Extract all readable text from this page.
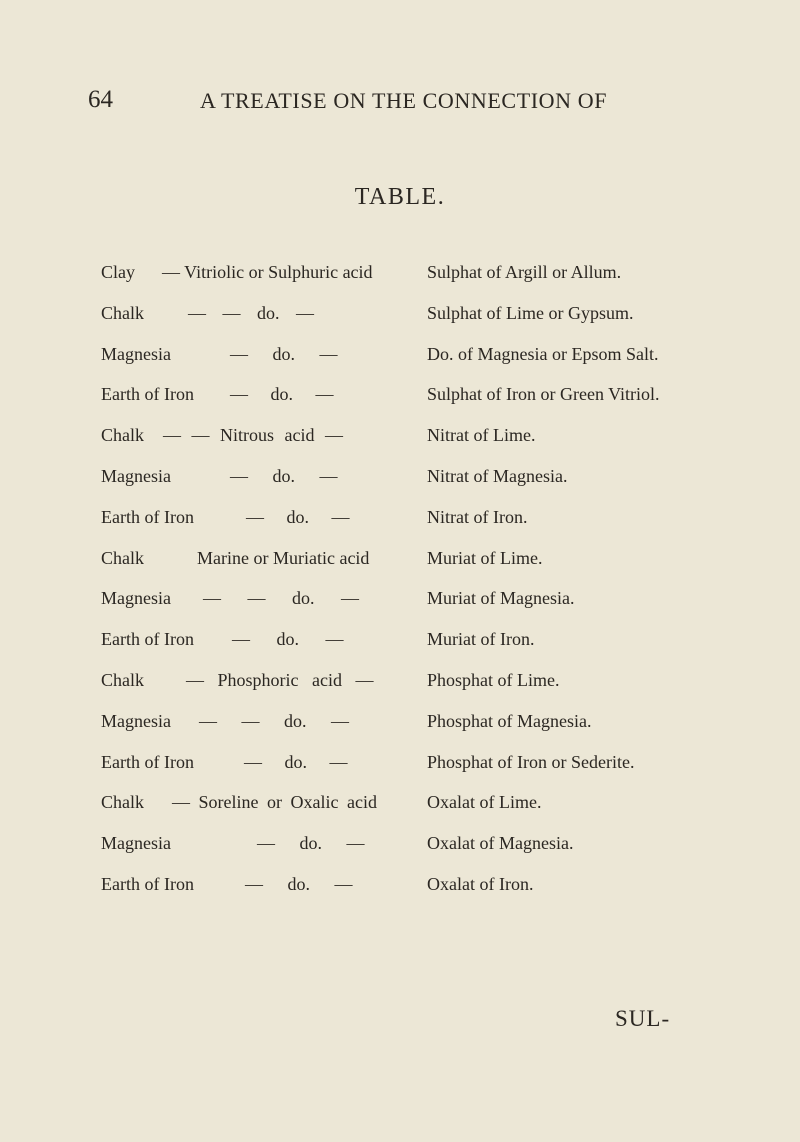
64	A TREATISE ON THE CONNECTION OF
TABLE.
Clay — Vitriolic or Sulphuric acid	Sulphat of Argill or Allum.
Chalk — — do. —	Sulphat of Lime or Gypsum.
Magnesia	— do. —	Do. of Magnesia or Epsom Salt.
Earth of Iron — do. —	Sulphat of Iron or Green Vitriol.
Chalk — — Nitrous acid —	Nitrat of Lime.
Magnesia	— do. —	Nitrat of Magnesia.
Earth of Iron	— do. —	Nitrat of Iron.
Chalk	Marine or Muriatic acid	Muriat of Lime.
Magnesia — — do. —	Muriat of Magnesia.
Earth of Iron — do. —	Muriat of Iron.
Chalk — Phosphoric acid —	Phosphat of Lime.
Magnesia — — do. —	Phosphat of Magnesia.
Earth of Iron	— do. —	Phosphat of Iron or Sederite.
Chalk — Soreline or Oxalic acid	Oxalat of Lime.
Magnesia	— do. —	Oxalat of Magnesia.
Earth of Iron	— do. —	Oxalat of Iron.
SUL-
